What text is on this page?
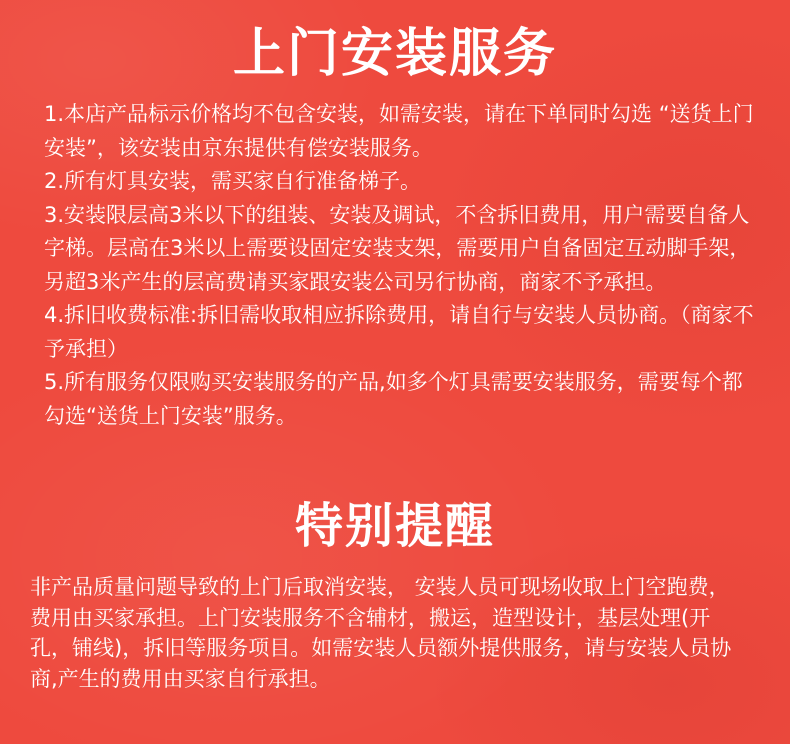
上门安装服务
1.本店产品标示价格均不包含安装，如需安装，请在下单同时勾选 “送货上门安装”，该安装由京东提供有偿安装服务。
2.所有灯具安装，需买家自行准备梯子。
3.安装限层高3米以下的组装、安装及调试，不含拆旧费用，用户需要自备人字梯。层高在3米以上需要设固定安装支架，需要用户自备固定互动脚手架，另超3米产生的层高费请买家跟安装公司另行协商，商家不予承担。
4.拆旧收费标准:拆旧需收取相应拆除费用，请自行与安装人员协商。（商家不予承担）
5.所有服务仅限购买安装服务的产品,如多个灯具需要安装服务，需要每个都勾选“送货上门安装”服务。
特别提醒

非产品质量问题导致的上门后取消安装， 安装人员可现场收取上门空跑费，费用由买家承担。上门安装服务不含辅材，搬运，造型设计，基层处理(开孔，铺线)，拆旧等服务项目。如需安装人员额外提供服务，请与安装人员协商,产生的费用由买家自行承担。
